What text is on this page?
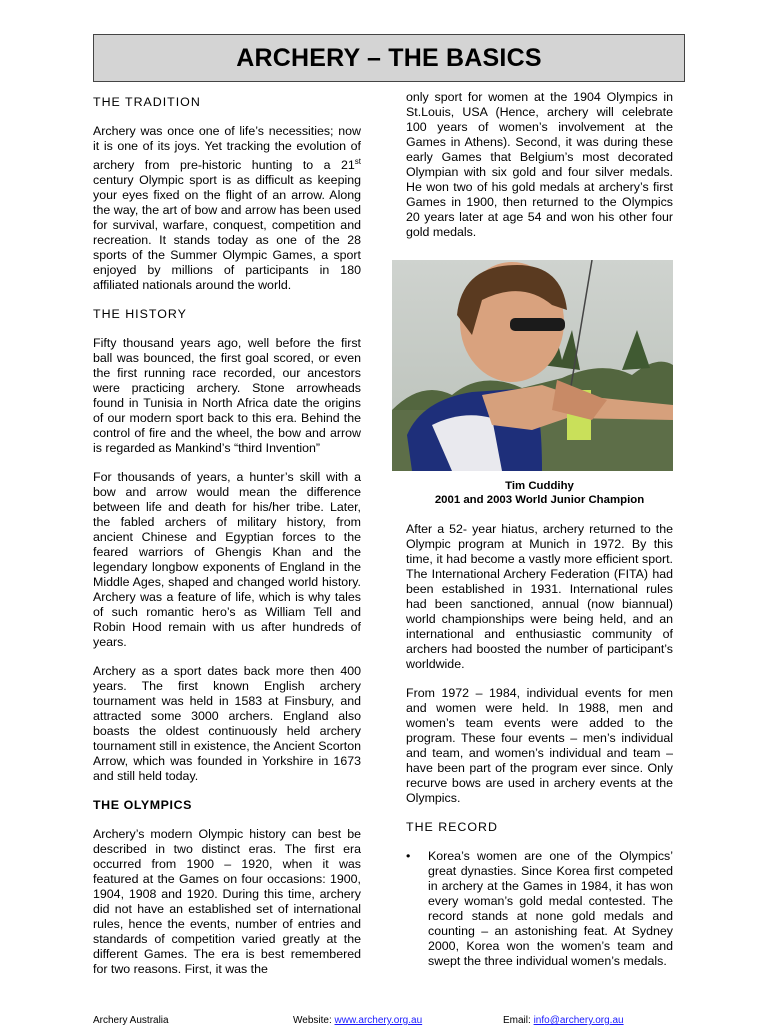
ARCHERY – THE BASICS
THE TRADITION

Archery was once one of life’s necessities; now it is one of its joys. Yet tracking the evolution of archery from pre-historic hunting to a 21st century Olympic sport is as difficult as keeping your eyes fixed on the flight of an arrow. Along the way, the art of bow and arrow has been used for survival, warfare, conquest, competition and recreation. It stands today as one of the 28 sports of the Summer Olympic Games, a sport enjoyed by millions of participants in 180 affiliated nationals around the world.

THE HISTORY

Fifty thousand years ago, well before the first ball was bounced, the first goal scored, or even the first running race recorded, our ancestors were practicing archery. Stone arrowheads found in Tunisia in North Africa date the origins of our modern sport back to this era. Behind the control of fire and the wheel, the bow and arrow is regarded as Mankind’s “third Invention”

For thousands of years, a hunter’s skill with a bow and arrow would mean the difference between life and death for his/her tribe. Later, the fabled archers of military history, from ancient Chinese and Egyptian forces to the feared warriors of Ghengis Khan and the legendary longbow exponents of England in the Middle Ages, shaped and changed world history. Archery was a feature of life, which is why tales of such romantic hero’s as William Tell and Robin Hood remain with us after hundreds of years.

Archery as a sport dates back more then 400 years. The first known English archery tournament was held in 1583 at Finsbury, and attracted some 3000 archers. England also boasts the oldest continuously held archery tournament still in existence, the Ancient Scorton Arrow, which was founded in Yorkshire in 1673 and still held today.

THE OLYMPICS

Archery’s modern Olympic history can best be described in two distinct eras. The first era occurred from 1900 – 1920, when it was featured at the Games on four occasions: 1900, 1904, 1908 and 1920. During this time, archery did not have an established set of international rules, hence the events, number of entries and standards of competition varied greatly at the different Games. The era is best remembered for two reasons. First, it was the

only sport for women at the 1904 Olympics in St.Louis, USA (Hence, archery will celebrate 100 years of women’s involvement at the Games in Athens). Second, it was during these early Games that Belgium’s most decorated Olympian with six gold and four silver medals. He won two of his gold medals at archery’s first Games in 1900, then returned to the Olympics 20 years later at age 54 and won his other four gold medals.

Tim Cuddihy
2001 and 2003 World Junior Champion

After a 52- year hiatus, archery returned to the Olympic program at Munich in 1972. By this time, it had become a vastly more efficient sport. The International Archery Federation (FITA) had been established in 1931. International rules had been sanctioned, annual (now biannual) world championships were being held, and an international and enthusiastic community of archers had boosted the number of participant’s worldwide.

From 1972 – 1984, individual events for men and women were held. In 1988, men and women’s team events were added to the program. These four events – men’s individual and team, and women’s individual and team – have been part of the program ever since. Only recurve bows are used in archery events at the Olympics.

THE RECORD
• Korea’s women are one of the Olympics’ great dynasties. Since Korea first competed in archery at the Games in 1984, it has won every woman’s gold medal contested. The record stands at none gold medals and counting – an astonishing feat. At Sydney 2000, Korea won the women’s team and swept the three individual women’s medals.
Archery Australia	Website: www.archery.org.au	Email: info@archery.org.au
